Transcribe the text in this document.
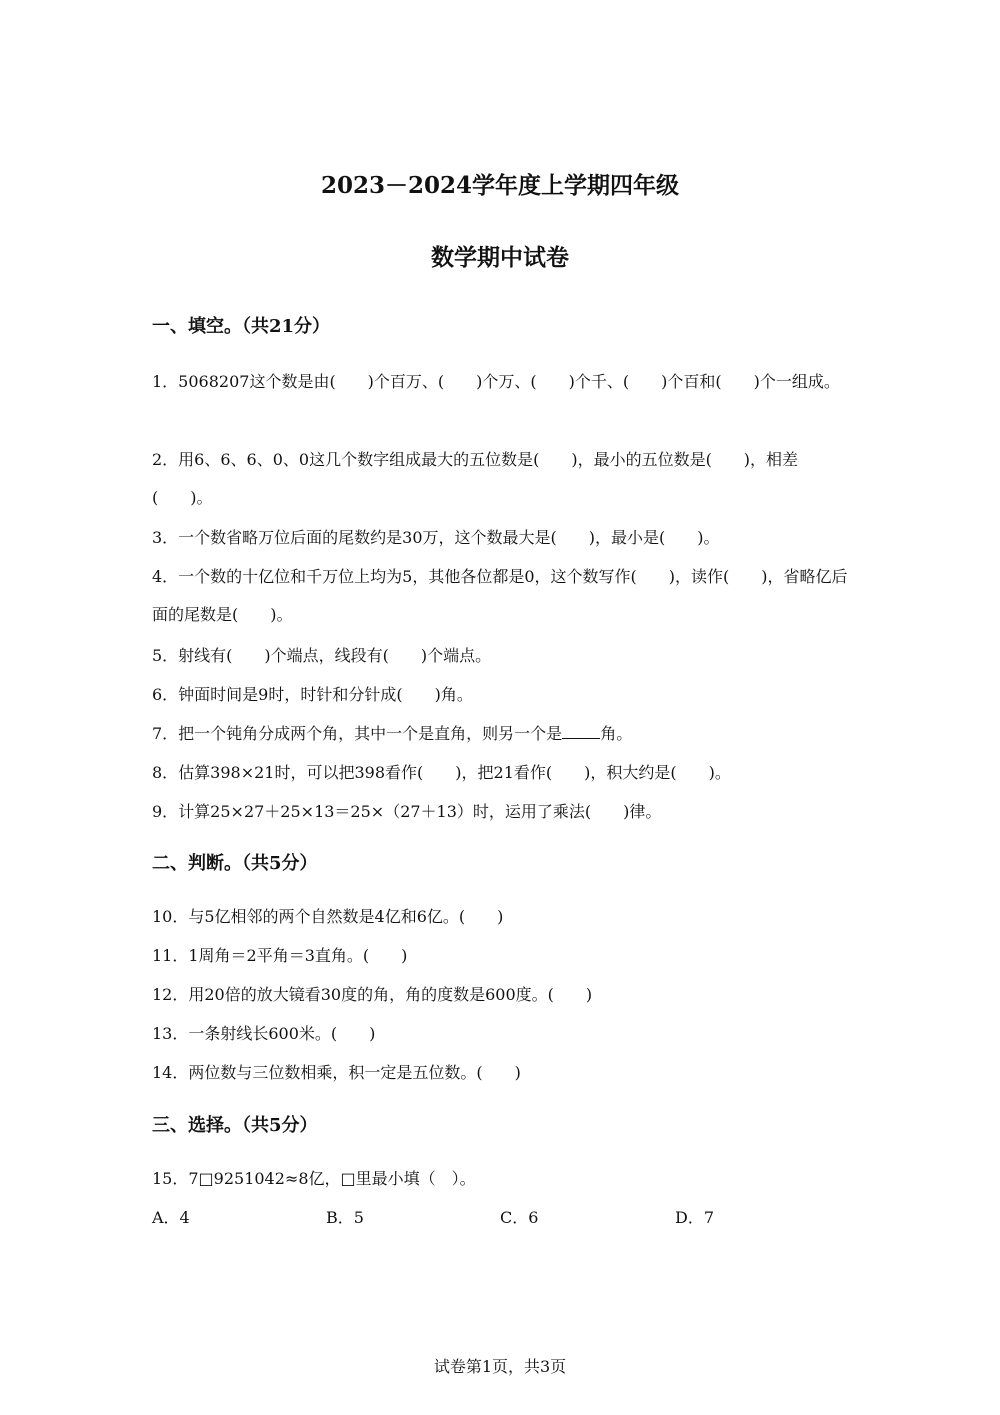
2023－2024学年度上学期四年级
数学期中试卷
一、填空。（共21分）
1．5068207这个数是由(　　)个百万、(　　)个万、(　　)个千、(　　)个百和(　　)个一组成。
2．用6、6、6、0、0这几个数字组成最大的五位数是(　　)，最小的五位数是(　　)，相差(　　)。
3．一个数省略万位后面的尾数约是30万，这个数最大是(　　)，最小是(　　)。
4．一个数的十亿位和千万位上均为5，其他各位都是0，这个数写作(　　)，读作(　　)，省略亿后面的尾数是(　　)。
5．射线有(　　)个端点，线段有(　　)个端点。
6．钟面时间是9时，时针和分针成(　　)角。
7．把一个钝角分成两个角，其中一个是直角，则另一个是 角。
8．估算398×21时，可以把398看作(　　)，把21看作(　　)，积大约是(　　)。
9．计算25×27＋25×13＝25×（27＋13）时，运用了乘法(　　)律。
二、判断。（共5分）
10．与5亿相邻的两个自然数是4亿和6亿。(　　)
11．1周角＝2平角＝3直角。(　　)
12．用20倍的放大镜看30度的角，角的度数是600度。(　　)
13．一条射线长600米。(　　)
14．两位数与三位数相乘，积一定是五位数。(　　)
三、选择。（共5分）
15．7□9251042≈8亿，□里最小填（　）。
A．4	B．5	C．6	D．7
试卷第1页，共3页
